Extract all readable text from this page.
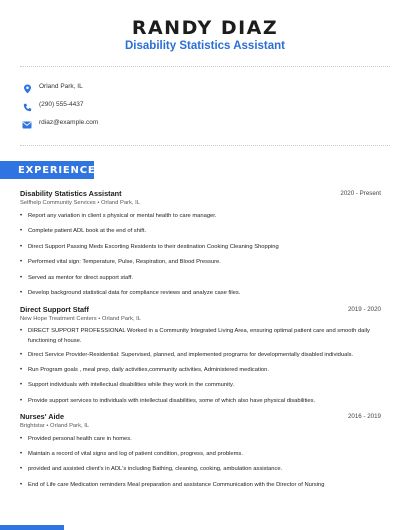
RANDY DIAZ
Disability Statistics Assistant
Orland Park, IL
(290) 555-4437
rdiaz@example.com
EXPERIENCE
Disability Statistics Assistant	2020 - Present
Selfhelp Community Services • Orland Park, IL
•	Report any variation in client s physical or mental health to care manager.
•	Complete patient ADL book at the end of shift.
•	Direct Support Passing Meds Escorting Residents to their destination Cooking Cleaning Shopping
•	Performed vital sign: Temperature, Pulse, Respiration, and Blood Pressure.
•	Served as mentor for direct support staff.
•	Develop background statistical data for compliance reviews and analyze case files.
Direct Support Staff	2019 - 2020
New Hope Treatment Centers • Orland Park, IL
•	DIRECT SUPPORT PROFESSIONAL Worked in a Community Integrated Living Area, ensuring optimal patient care and smooth daily functioning of house.
•	Direct Service Provider-Residential: Supervised, planned, and implemented programs for developmentally disabled individuals.
•	Run Program goals , meal prep, daily activities,community activities, Administered medication.
•	Support individuals with intellectual disabilities while they work in the community.
•	Provide support services to individuals with intellectual disabilities, some of which also have physical disabilities.
Nurses' Aide	2016 - 2019
Brightstar • Orland Park, IL
•	Provided personal health care in homes.
•	Maintain a record of vital signs and log of patient condition, progress, and problems.
•	provided and assisted client's in ADL's including Bathing, cleaning, cooking, ambulation assistance.
•	End of Life care Medication reminders Meal preparation and assistance Communication with the Director of Nursing
